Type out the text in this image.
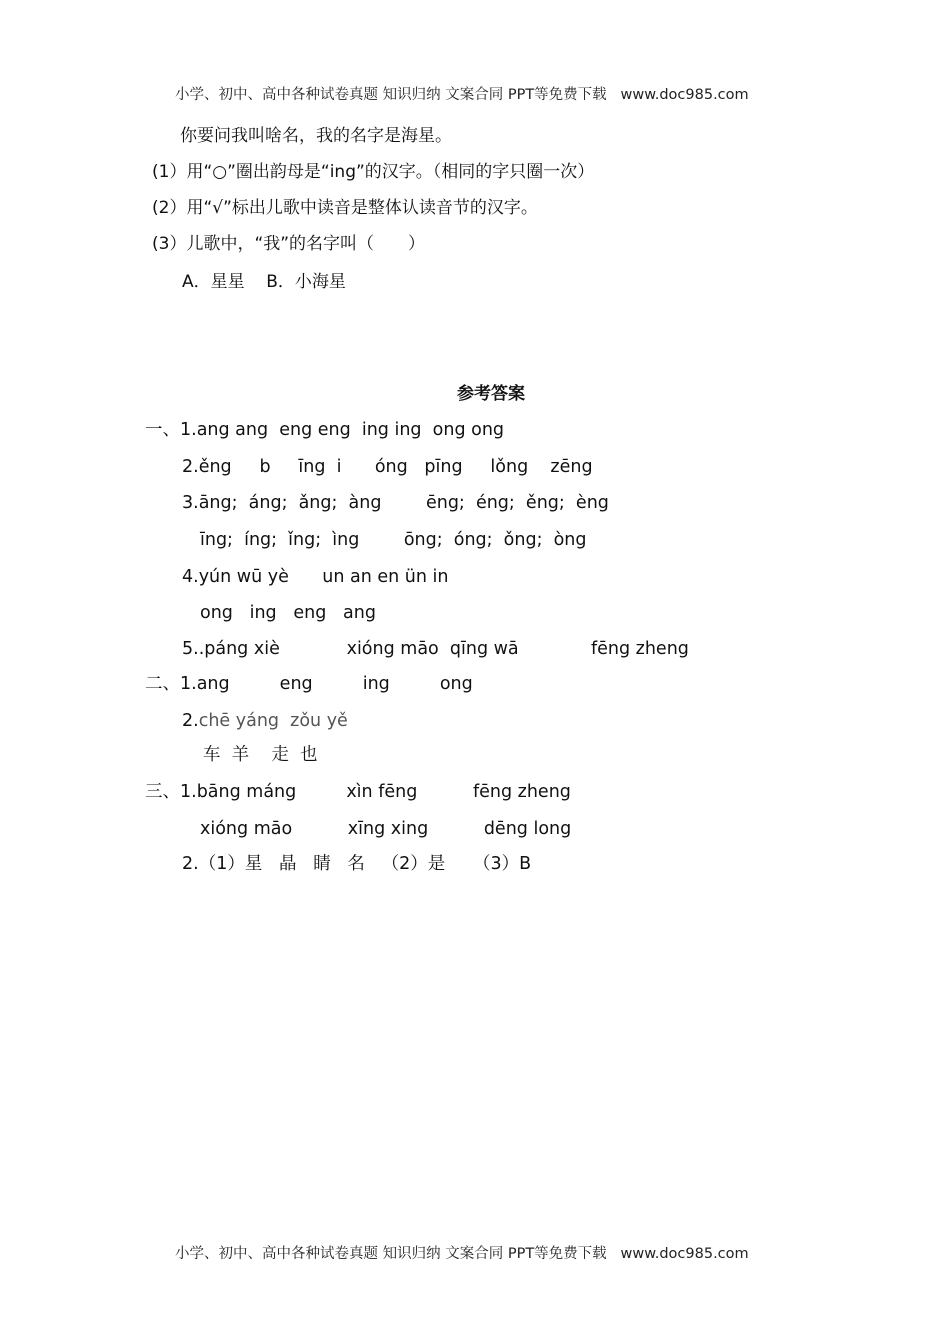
小学、初中、高中各种试卷真题 知识归纳 文案合同 PPT等免费下载   www.doc985.com
你要问我叫啥名，我的名字是海星。
(1）用“○”圈出韵母是“ing”的汉字。（相同的字只圈一次）
(2）用“√”标出儿歌中读音是整体认读音节的汉字。
(3）儿歌中，“我”的名字叫（　　）
A．星星    B．小海星
参考答案
一、1.ang ang  eng eng  ing ing  ong ong
2.ěng     b     īng  i      óng   pīng     lǒng    zēng
3.āng;  áng;  ǎng;  àng        ēng;  éng;  ěng;  èng
īng;  íng;  ǐng;  ìng        ōng;  óng;  ǒng;  òng
4.yún wū yè      un an en ün in
ong   ing   eng   ang
5..páng xiè            xióng māo  qīng wā             fēng zheng
二、1.ang         eng         ing         ong
2.chē yáng  zǒu yě
车  羊    走  也
三、1.bāng máng         xìn fēng          fēng zheng
xióng māo          xīng xing          dēng long
2.（1）星   晶   睛   名   （2）是     （3）B
小学、初中、高中各种试卷真题 知识归纳 文案合同 PPT等免费下载   www.doc985.com
